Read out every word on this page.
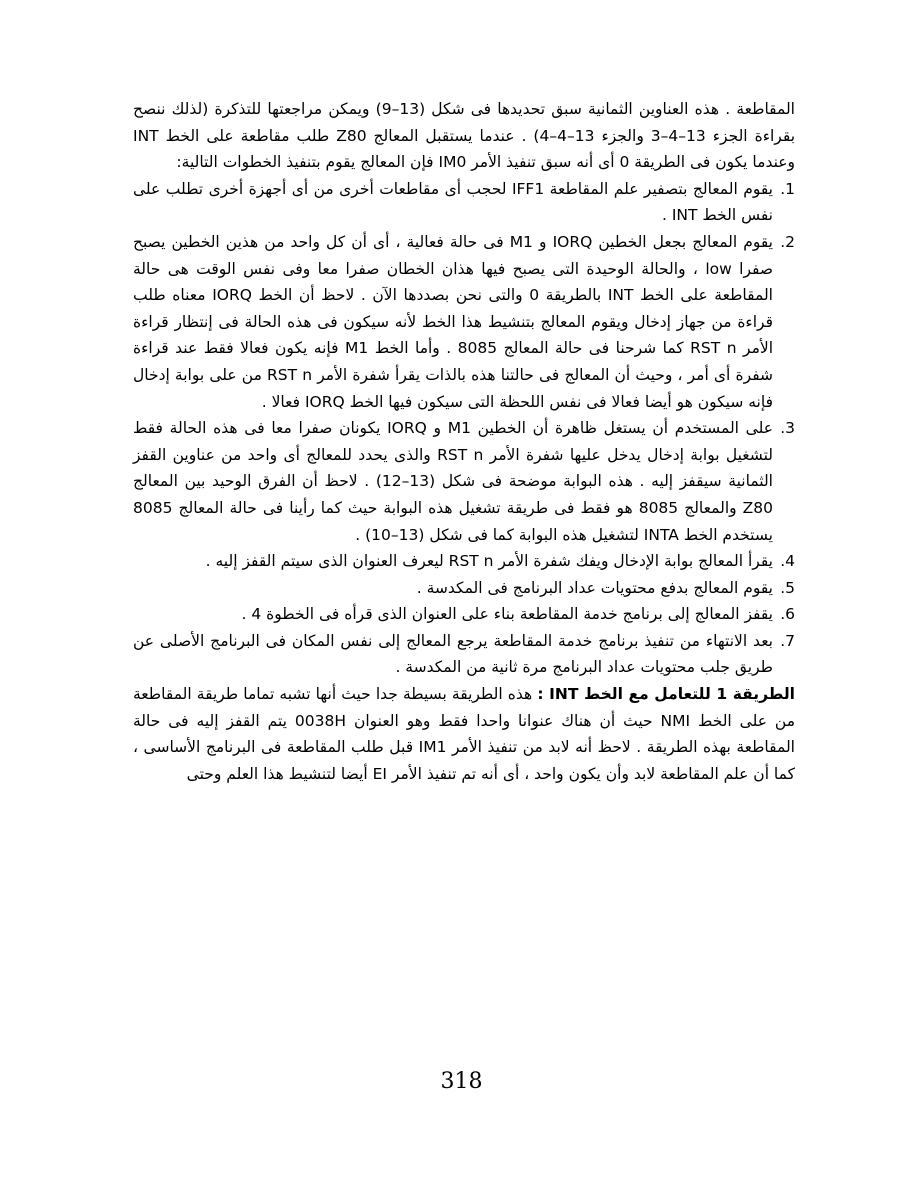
المقاطعة . هذه العناوين الثمانية سبق تحديدها فى شكل (13–9) ويمكن مراجعتها للتذكرة (لذلك ننصح بقراءة الجزء 13–4–3 والجزء 13–4–4) . عندما يستقبل المعالج Z80 طلب مقاطعة على الخط INT وعندما يكون فى الطريقة 0 أى أنه سبق تنفيذ الأمر IM0 فإن المعالج يقوم بتنفيذ الخطوات التالية:

1.
يقوم المعالج بتصفير علم المقاطعة IFF1 لحجب أى مقاطعات أخرى من أى أجهزة أخرى تطلب على نفس الخط INT .
2.
يقوم المعالج بجعل الخطين IORQ و M1 فى حالة فعالية ، أى أن كل واحد من هذين الخطين يصبح صفرا low ، والحالة الوحيدة التى يصبح فيها هذان الخطان صفرا معا وفى نفس الوقت هى حالة المقاطعة على الخط INT بالطريقة 0 والتى نحن بصددها الآن . لاحظ أن الخط IORQ معناه طلب قراءة من جهاز إدخال ويقوم المعالج بتنشيط هذا الخط لأنه سيكون فى هذه الحالة فى إنتظار قراءة الأمر RST n كما شرحنا فى حالة المعالج 8085 . وأما الخط M1 فإنه يكون فعالا فقط عند قراءة شفرة أى أمر ، وحيث أن المعالج فى حالتنا هذه بالذات يقرأ شفرة الأمر RST n من على بوابة إدخال فإنه سيكون هو أيضا فعالا فى نفس اللحظة التى سيكون فيها الخط IORQ فعالا .
3.
على المستخدم أن يستغل ظاهرة أن الخطين M1 و IORQ يكونان صفرا معا فى هذه الحالة فقط لتشغيل بوابة إدخال يدخل عليها شفرة الأمر RST n والذى يحدد للمعالج أى واحد من عناوين القفز الثمانية سيقفز إليه . هذه البوابة موضحة فى شكل (13–12) . لاحظ أن الفرق الوحيد بين المعالج Z80 والمعالج 8085 هو فقط فى طريقة تشغيل هذه البوابة حيث كما رأينا فى حالة المعالج 8085 يستخدم الخط INTA لتشغيل هذه البوابة كما فى شكل (13–10) .
4.
يقرأ المعالج بوابة الإدخال ويفك شفرة الأمر RST n ليعرف العنوان الذى سيتم القفز إليه .
5.
يقوم المعالج بدفع محتويات عداد البرنامج فى المكدسة .
6.
يقفز المعالج إلى برنامج خدمة المقاطعة بناء على العنوان الذى قرأه فى الخطوة 4 .
7.
بعد الانتهاء من تنفيذ برنامج خدمة المقاطعة يرجع المعالج إلى نفس المكان فى البرنامج الأصلى عن طريق جلب محتويات عداد البرنامج مرة ثانية من المكدسة .

الطريقة 1 للتعامل مع الخط INT : هذه الطريقة بسيطة جدا حيث أنها تشبه تماما طريقة المقاطعة من على الخط NMI حيث أن هناك عنوانا واحدا فقط وهو العنوان 0038H يتم القفز إليه فى حالة المقاطعة بهذه الطريقة . لاحظ أنه لابد من تنفيذ الأمر IM1 قبل طلب المقاطعة فى البرنامج الأساسى ، كما أن علم المقاطعة لابد وأن يكون واحد ، أى أنه تم تنفيذ الأمر EI أيضا لتنشيط هذا العلم وحتى

318
